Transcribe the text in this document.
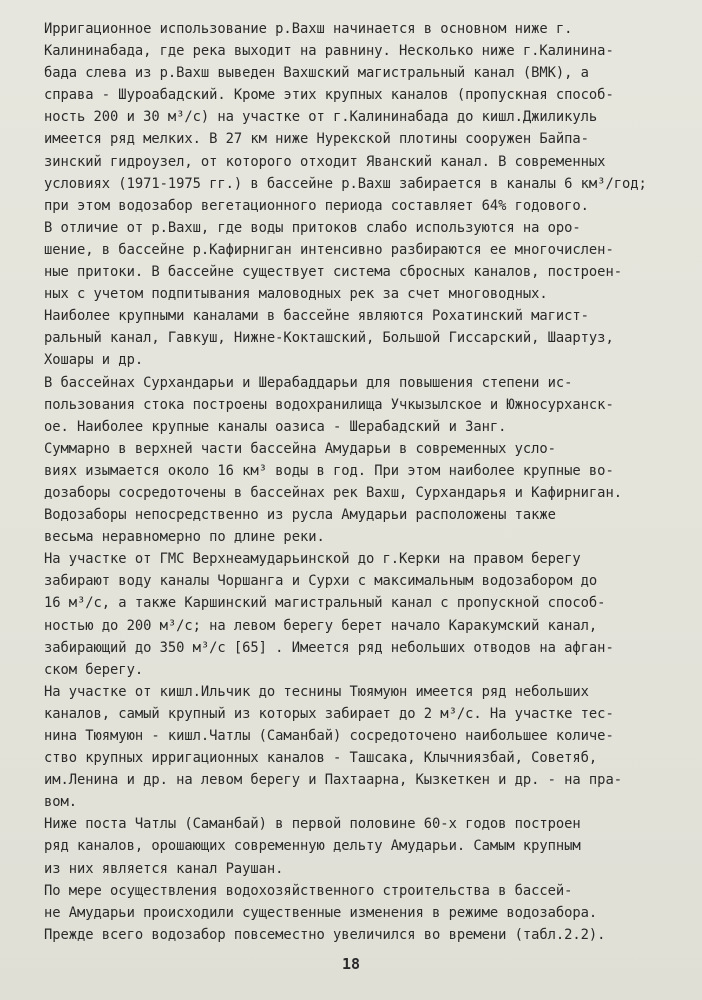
Ирригационное использование р.Вахш начинается в основном ниже г.
Калининабада, где река выходит на равнину. Несколько ниже г.Калинина-
бада слева из р.Вахш выведен Вахшский магистральный канал (ВМК), а
справа - Шуроабадский. Кроме этих крупных каналов (пропускная способ-
ность 200 и 30 м³/с) на участке от г.Калининабада до кишл.Джиликуль
имеется ряд мелких. В 27 км ниже Нурекской плотины сооружен Байпа-
зинский гидроузел, от которого отходит Яванский канал. В современных
условиях (1971-1975 гг.) в бассейне р.Вахш забирается в каналы 6 км³/год;
при этом водозабор вегетационного периода составляет 64% годового.
В отличие от р.Вахш, где воды притоков слабо используются на оро-
шение, в бассейне р.Кафирниган интенсивно разбираются ее многочислен-
ные притоки. В бассейне существует система сбросных каналов, построен-
ных с учетом подпитывания маловодных рек за счет многоводных.
Наиболее крупными каналами в бассейне являются Рохатинский магист-
ральный канал, Гавкуш, Нижне-Кокташский, Большой Гиссарский, Шаартуз,
Хошары и др.
В бассейнах Сурхандарьи и Шерабаддарьи для повышения степени ис-
пользования стока построены водохранилища Учкызылское и Южносурханск-
ое. Наиболее крупные каналы оазиса - Шерабадский и Занг.
Суммарно в верхней части бассейна Амударьи в современных усло-
виях изымается около 16 км³ воды в год. При этом наиболее крупные во-
дозаборы сосредоточены в бассейнах рек Вахш, Сурхандарья и Кафирниган.
Водозаборы непосредственно из русла Амударьи расположены также
весьма неравномерно по длине реки.
На участке от ГМС Верхнеамударьинской до г.Керки на правом берегу
забирают воду каналы Чоршанга и Сурхи с максимальным водозабором до
16 м³/с, а также Каршинский магистральный канал с пропускной способ-
ностью до 200 м³/с; на левом берегу берет начало Каракумский канал,
забирающий до 350 м³/с [65] . Имеется ряд небольших отводов на афган-
ском берегу.
На участке от кишл.Ильчик до теснины Тюямуюн имеется ряд небольших
каналов, самый крупный из которых забирает до 2 м³/с. На участке тес-
нина Тюямуюн - кишл.Чатлы (Саманбай) сосредоточено наибольшее количе-
ство крупных ирригационных каналов - Ташсака, Клычниязбай, Советяб,
им.Ленина и др. на левом берегу и Пахтаарна, Кызкеткен и др. - на пра-
вом.
Ниже поста Чатлы (Саманбай) в первой половине 60-х годов построен
ряд каналов, орошающих современную дельту Амударьи. Самым крупным
из них является канал Раушан.
По мере осуществления водохозяйственного строительства в бассей-
не Амударьи происходили существенные изменения в режиме водозабора.
Прежде всего водозабор повсеместно увеличился во времени (табл.2.2).
18
